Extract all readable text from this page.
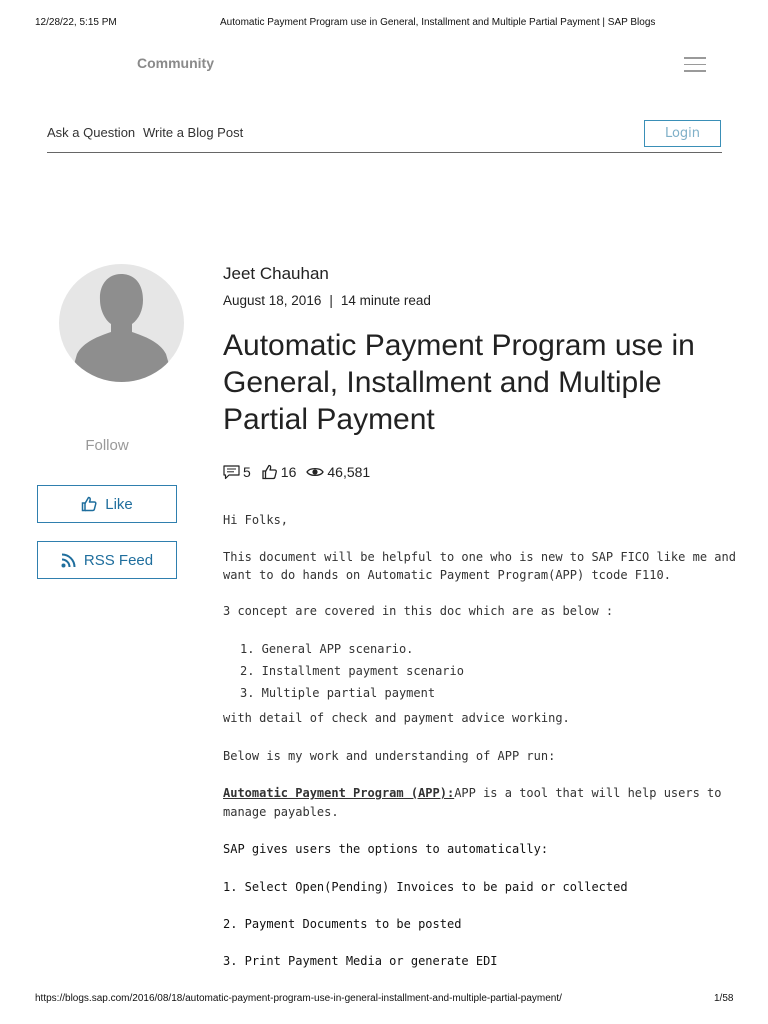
12/28/22, 5:15 PM	Automatic Payment Program use in General, Installment and Multiple Partial Payment | SAP Blogs
Community
Ask a Question Write a Blog Post	Login
Follow
Like
RSS Feed
Jeet Chauhan
August 18, 2016 | 14 minute read
Automatic Payment Program use in General, Installment and Multiple Partial Payment
5 16 46,581
Hi Folks,
This document will be helpful to one who is new to SAP FICO like me and
want to do hands on Automatic Payment Program(APP) tcode F110.
3 concept are covered in this doc which are as below :
1. General APP scenario.
2. Installment payment scenario
3. Multiple partial payment
with detail of check and payment advice working.
Below is my work and understanding of APP run:
Automatic Payment Program (APP):APP is a tool that will help users to
manage payables.
SAP gives users the options to automatically:
1. Select Open(Pending) Invoices to be paid or collected
2. Payment Documents to be posted
3. Print Payment Media or generate EDI
https://blogs.sap.com/2016/08/18/automatic-payment-program-use-in-general-installment-and-multiple-partial-payment/	1/58
